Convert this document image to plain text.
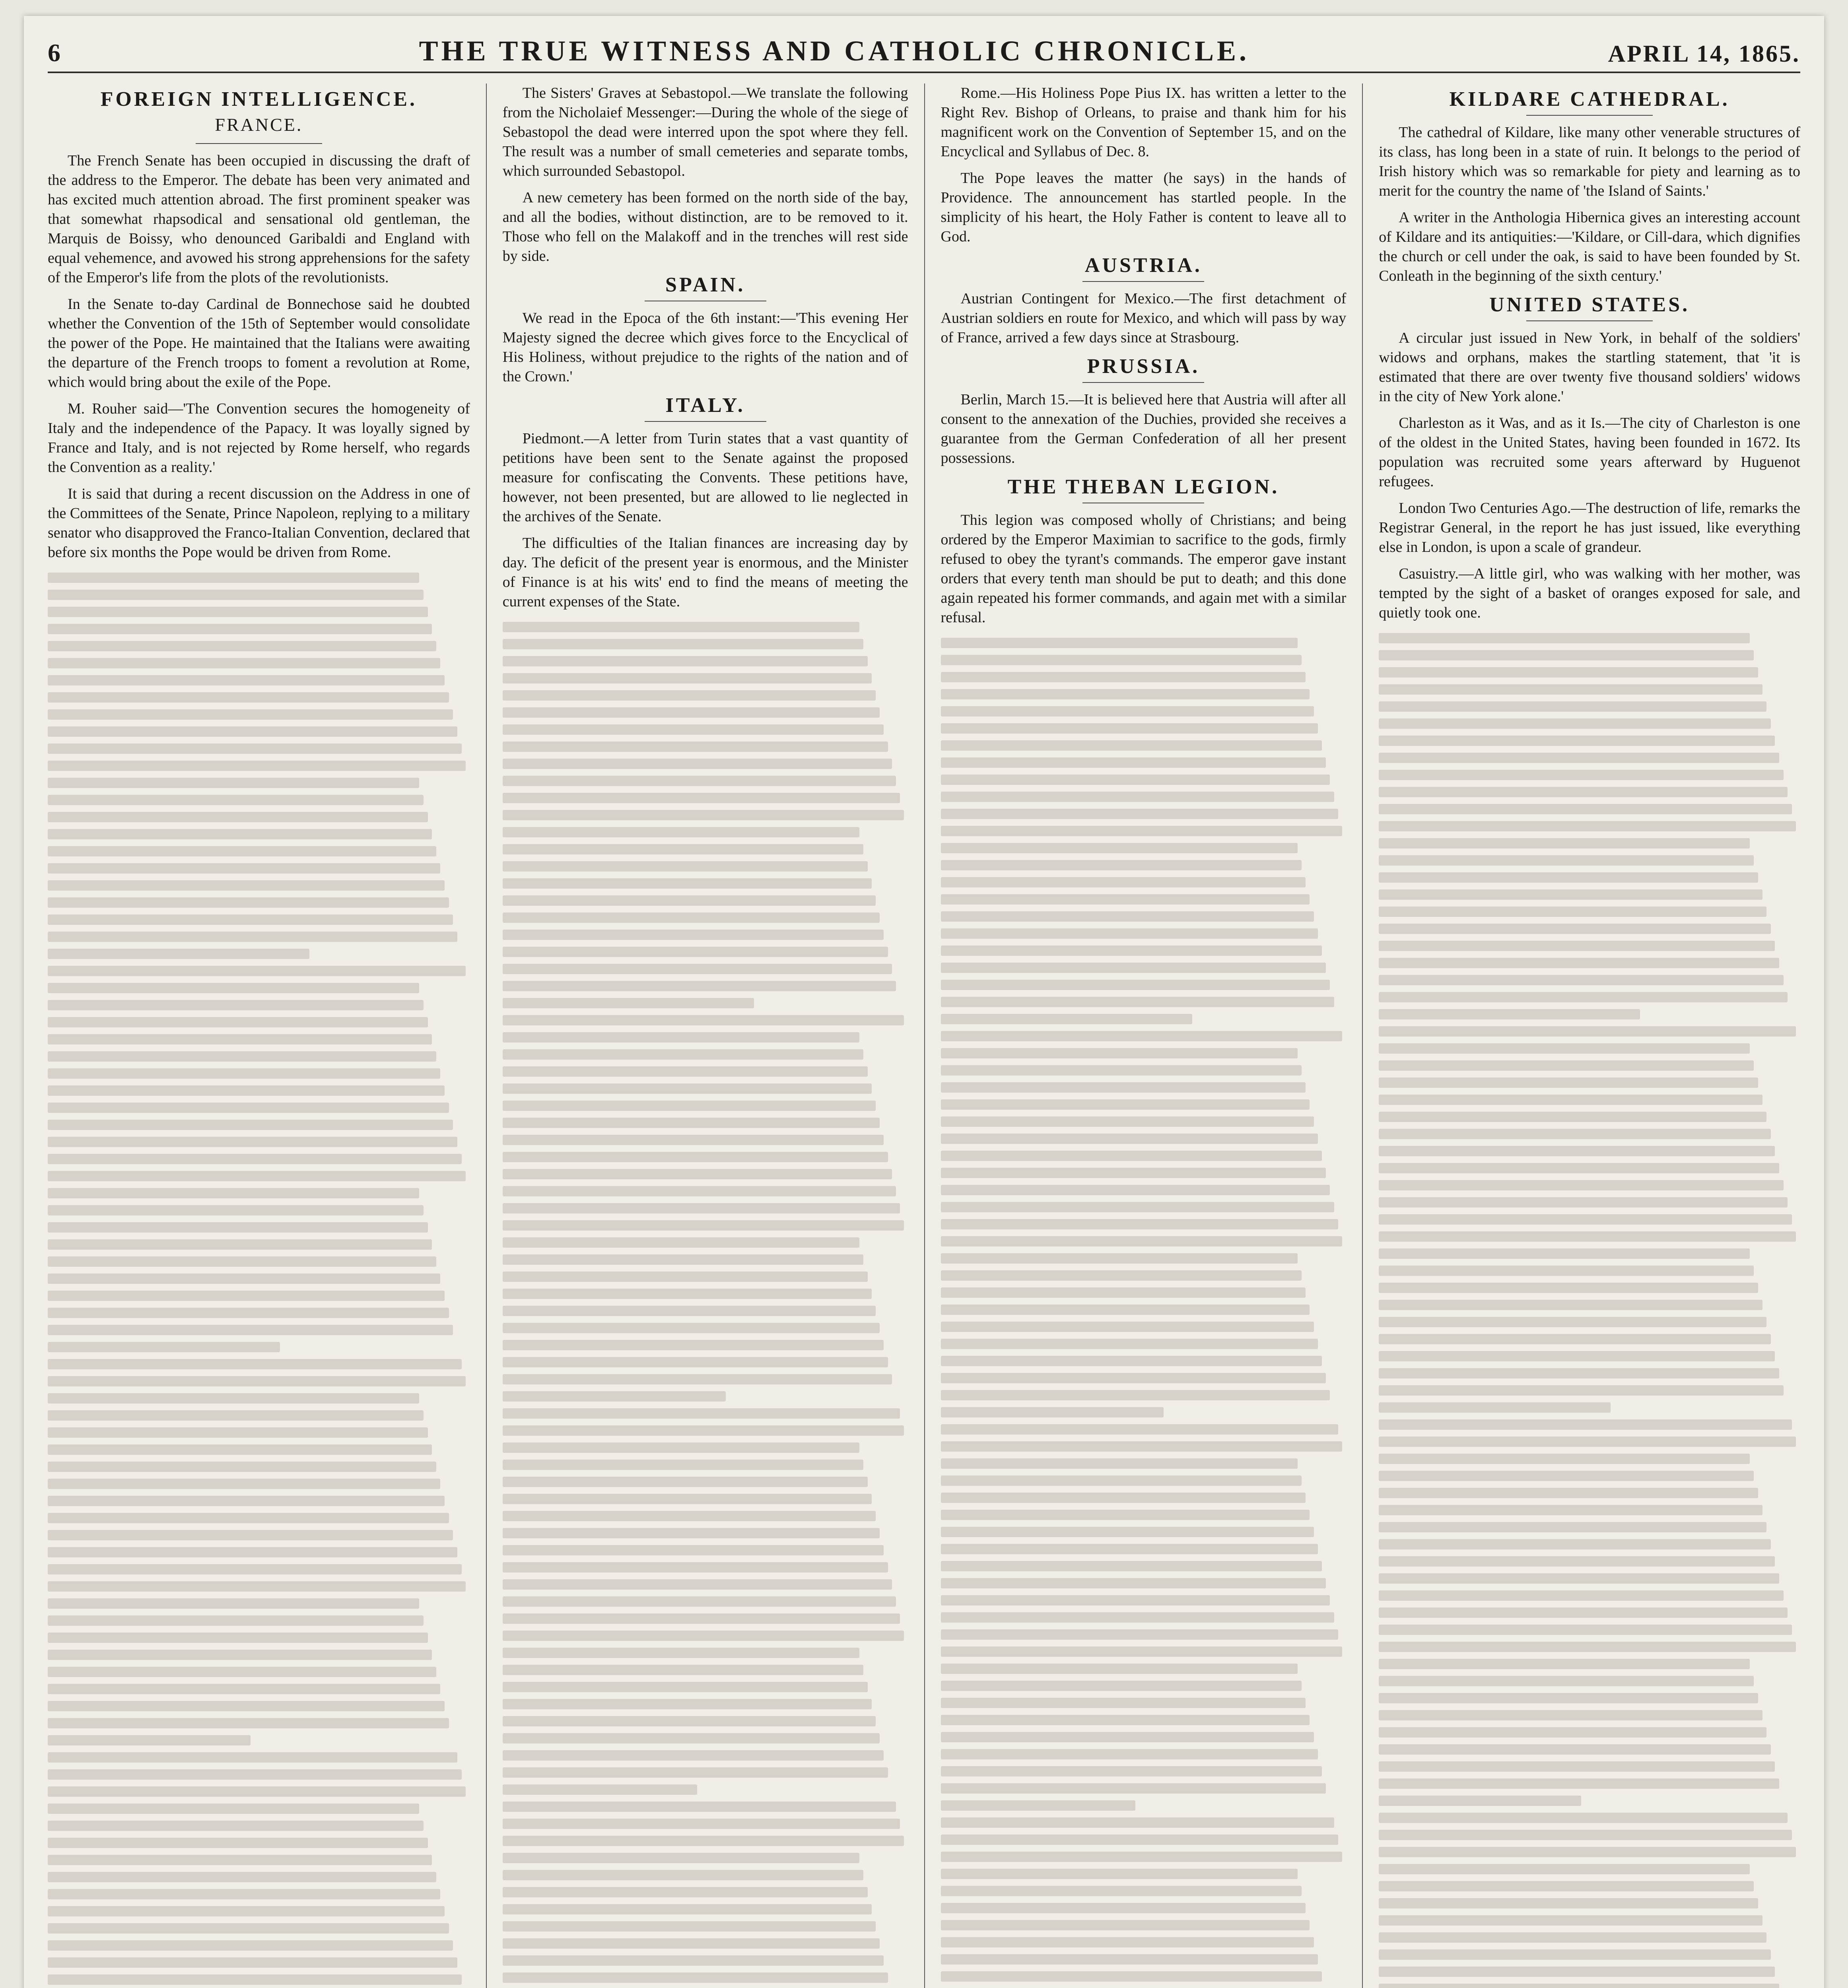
6	THE TRUE WITNESS AND CATHOLIC CHRONICLE.	APRIL 14, 1865.
FOREIGN INTELLIGENCE.
FRANCE.

The French Senate has been occupied in discussing the draft of the address to the Emperor. The debate has been very animated and has excited much attention abroad. The first prominent speaker was that somewhat rhapsodical and sensational old gentleman, the Marquis de Boissy, who denounced Garibaldi and England with equal vehemence, and avowed his strong apprehensions for the safety of the Emperor's life from the plots of the revolutionists.

In the Senate to-day Cardinal de Bonnechose said he doubted whether the Convention of the 15th of September would consolidate the power of the Pope. He maintained that the Italians were awaiting the departure of the French troops to foment a revolution at Rome, which would bring about the exile of the Pope.

M. Rouher said—'The Convention secures the homogeneity of Italy and the independence of the Papacy. It was loyally signed by France and Italy, and is not rejected by Rome herself, who regards the Convention as a reality.'

It is said that during a recent discussion on the Address in one of the Committees of the Senate, Prince Napoleon, replying to a military senator who disapproved the Franco-Italian Convention, declared that before six months the Pope would be driven from Rome.

The Sisters' Graves at Sebastopol.—We translate the following from the Nicholaief Messenger:—During the whole of the siege of Sebastopol the dead were interred upon the spot where they fell. The result was a number of small cemeteries and separate tombs, which surrounded Sebastopol.

A new cemetery has been formed on the north side of the bay, and all the bodies, without distinction, are to be removed to it. Those who fell on the Malakoff and in the trenches will rest side by side.

SPAIN.

We read in the Epoca of the 6th instant:—'This evening Her Majesty signed the decree which gives force to the Encyclical of His Holiness, without prejudice to the rights of the nation and of the Crown.'

ITALY.

Piedmont.—A letter from Turin states that a vast quantity of petitions have been sent to the Senate against the proposed measure for confiscating the Convents. These petitions have, however, not been presented, but are allowed to lie neglected in the archives of the Senate.

The difficulties of the Italian finances are increasing day by day. The deficit of the present year is enormous, and the Minister of Finance is at his wits' end to find the means of meeting the current expenses of the State.

Rome.—His Holiness Pope Pius IX. has written a letter to the Right Rev. Bishop of Orleans, to praise and thank him for his magnificent work on the Convention of September 15, and on the Encyclical and Syllabus of Dec. 8.

The Pope leaves the matter (he says) in the hands of Providence. The announcement has startled people. In the simplicity of his heart, the Holy Father is content to leave all to God.

AUSTRIA.

Austrian Contingent for Mexico.—The first detachment of Austrian soldiers en route for Mexico, and which will pass by way of France, arrived a few days since at Strasbourg.

PRUSSIA.

Berlin, March 15.—It is believed here that Austria will after all consent to the annexation of the Duchies, provided she receives a guarantee from the German Confederation of all her present possessions.

THE THEBAN LEGION.

This legion was composed wholly of Christians; and being ordered by the Emperor Maximian to sacrifice to the gods, firmly refused to obey the tyrant's commands. The emperor gave instant orders that every tenth man should be put to death; and this done again repeated his former commands, and again met with a similar refusal.

KILDARE CATHEDRAL.

The cathedral of Kildare, like many other venerable structures of its class, has long been in a state of ruin. It belongs to the period of Irish history which was so remarkable for piety and learning as to merit for the country the name of 'the Island of Saints.'

A writer in the Anthologia Hibernica gives an interesting account of Kildare and its antiquities:—'Kildare, or Cill-dara, which dignifies the church or cell under the oak, is said to have been founded by St. Conleath in the beginning of the sixth century.'

UNITED STATES.

A circular just issued in New York, in behalf of the soldiers' widows and orphans, makes the startling statement, that 'it is estimated that there are over twenty five thousand soldiers' widows in the city of New York alone.'

Charleston as it Was, and as it Is.—The city of Charleston is one of the oldest in the United States, having been founded in 1672. Its population was recruited some years afterward by Huguenot refugees.

London Two Centuries Ago.—The destruction of life, remarks the Registrar General, in the report he has just issued, like everything else in London, is upon a scale of grandeur.

Casuistry.—A little girl, who was walking with her mother, was tempted by the sight of a basket of oranges exposed for sale, and quietly took one.
